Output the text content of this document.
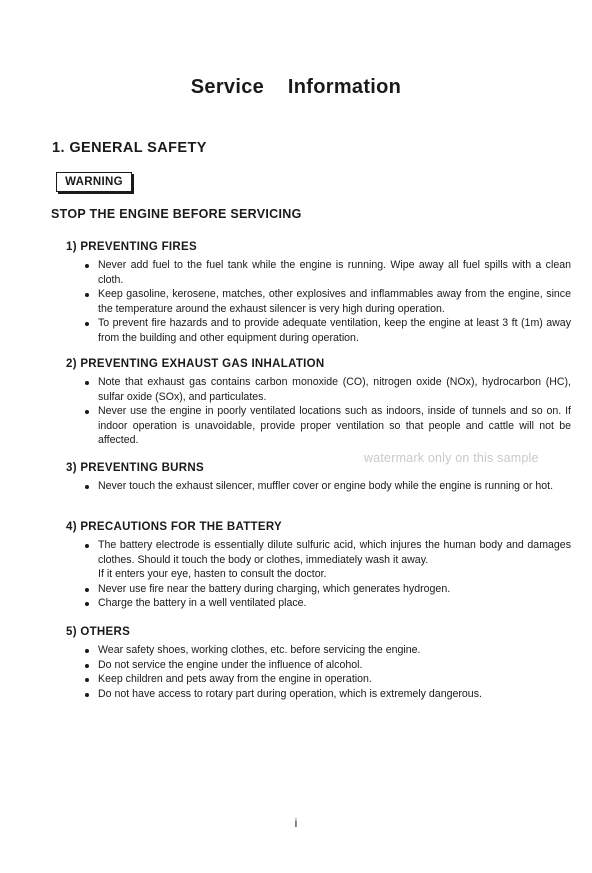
Service Information
1. GENERAL SAFETY
WARNING
STOP THE ENGINE BEFORE SERVICING
1) PREVENTING FIRES
Never add fuel to the fuel tank while the engine is running. Wipe away all fuel spills with a clean cloth.
Keep gasoline, kerosene, matches, other explosives and inflammables away from the engine, since the temperature around the exhaust silencer is very high during operation.
To prevent fire hazards and to provide adequate ventilation, keep the engine at least 3 ft (1m) away from the building and other equipment during operation.
2) PREVENTING EXHAUST GAS INHALATION
Note that exhaust gas contains carbon monoxide (CO), nitrogen oxide (NOx), hydrocarbon (HC), sulfar oxide (SOx), and particulates.
Never use the engine in poorly ventilated locations such as indoors, inside of tunnels and so on. If indoor operation is unavoidable, provide proper ventilation so that people and cattle will not be affected.
3) PREVENTING BURNS
Never touch the exhaust silencer, muffler cover or engine body while the engine is running or hot.
4) PRECAUTIONS FOR THE BATTERY
The battery electrode is essentially dilute sulfuric acid, which injures the human body and damages clothes. Should it touch the body or clothes, immediately wash it away.
If it enters your eye, hasten to consult the doctor.
Never use fire near the battery during charging, which generates hydrogen.
Charge the battery in a well ventilated place.
5) OTHERS
Wear safety shoes, working clothes, etc. before servicing the engine.
Do not service the engine under the influence of alcohol.
Keep children and pets away from the engine in operation.
Do not have access to rotary part during operation, which is extremely dangerous.
watermark only on this sample
i
